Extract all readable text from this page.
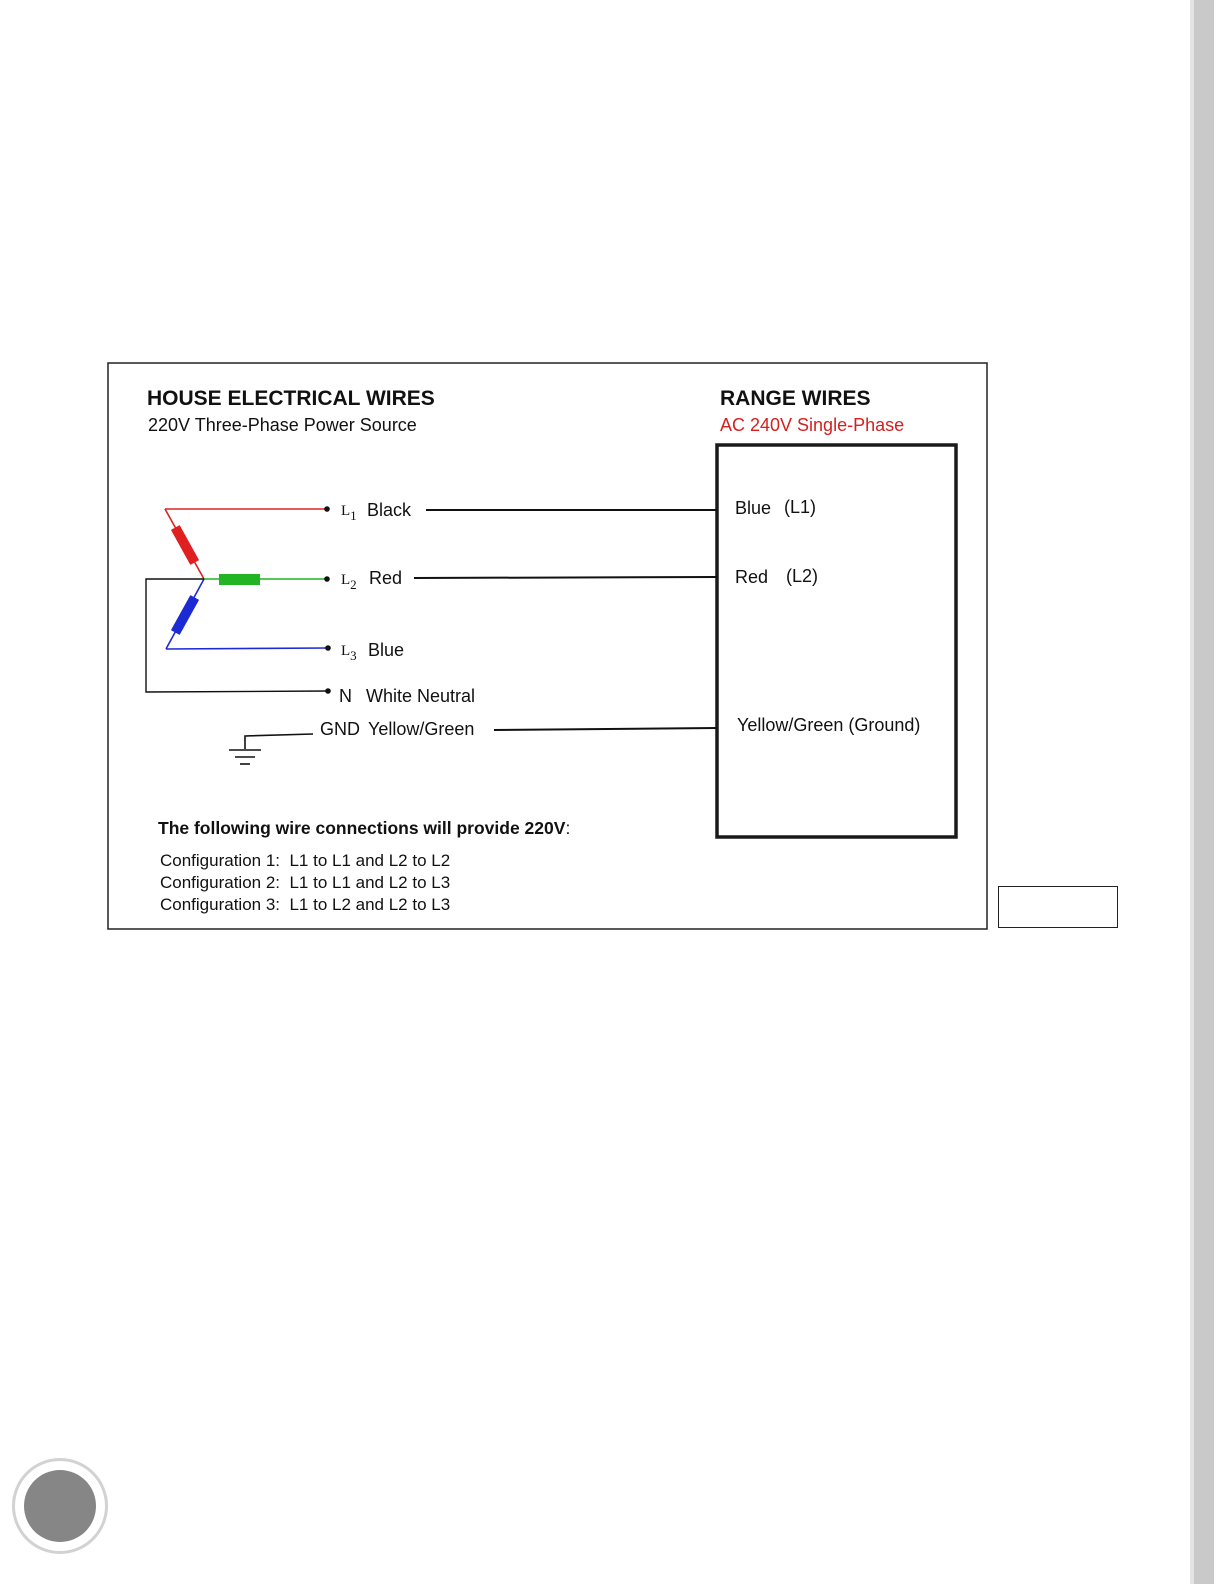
HOUSE ELECTRICAL WIRES
220V Three-Phase Power Source
RANGE WIRES
AC 240V Single-Phase
L1 Black
L2 Red
L3 Blue
N White Neutral
GND Yellow/Green
Blue (L1)
Red (L2)
Yellow/Green (Ground)
The following wire connections will provide 220V:
Configuration 1:  L1 to L1 and L2 to L2
Configuration 2:  L1 to L1 and L2 to L3
Configuration 3:  L1 to L2 and L2 to L3
